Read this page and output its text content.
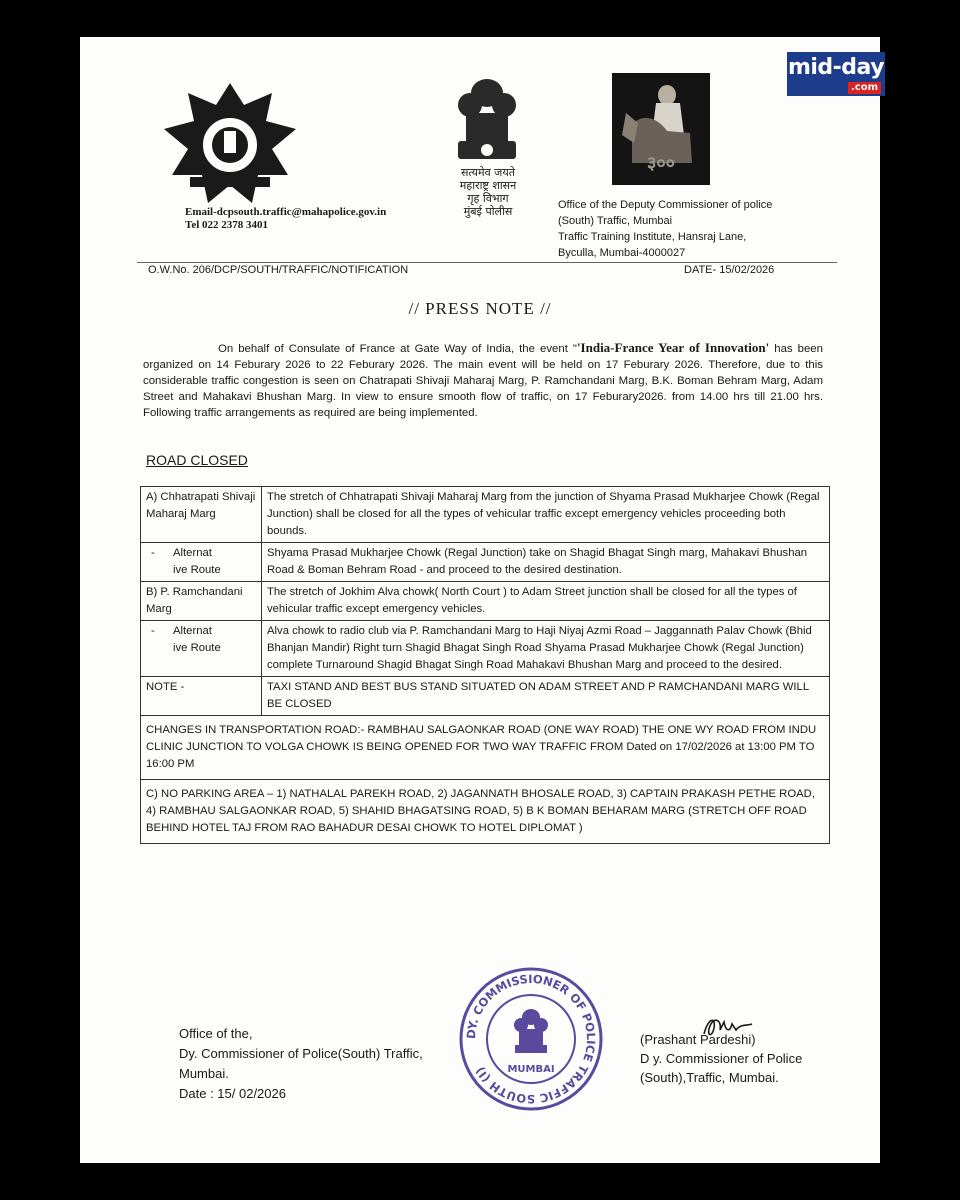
mid-day
.com
सत्यमेव जयते
महाराष्ट्र शासन
गृह विभाग
मुंबई पोलीस
३००
Email-dcpsouth.traffic@mahapolice.gov.in
Tel 022 2378 3401
Office of the Deputy Commissioner of police
(South) Traffic, Mumbai
Traffic Training Institute, Hansraj Lane,
Byculla, Mumbai-4000027
O.W.No. 206/DCP/SOUTH/TRAFFIC/NOTIFICATION	DATE- 15/02/2026
// PRESS NOTE //
On behalf of Consulate of France at Gate Way of India, the event "'India-France Year of Innovation' has been organized on 14 Feburary 2026 to 22 Feburary 2026. The main event will be held on 17 Feburary 2026. Therefore, due to this considerable traffic congestion is seen on Chatrapati Shivaji Maharaj Marg, P. Ramchandani Marg, B.K. Boman Behram Marg, Adam Street and Mahakavi Bhushan Marg. In view to ensure smooth flow of traffic, on 17 Feburary2026. from 14.00 hrs till 21.00 hrs. Following traffic arrangements as required are being implemented.
ROAD CLOSED
A) Chhatrapati Shivaji Maharaj Marg	The stretch of Chhatrapati Shivaji Maharaj Marg from the junction of Shyama Prasad Mukharjee Chowk (Regal Junction) shall be closed for all the types of vehicular traffic except emergency vehicles proceeding both bounds.

- Alternat ive Route	Shyama Prasad Mukharjee Chowk (Regal Junction) take on Shagid Bhagat Singh marg, Mahakavi Bhushan Road & Boman Behram Road - and proceed to the desired destination.
B) P. Ramchandani Marg	The stretch of Jokhim Alva chowk( North Court ) to Adam Street junction shall be closed for all the types of vehicular traffic except emergency vehicles.

- Alternat ive Route	Alva chowk to radio club via P. Ramchandani Marg to Haji Niyaj Azmi Road – Jaggannath Palav Chowk (Bhid Bhanjan Mandir) Right turn Shagid Bhagat Singh Road Shyama Prasad Mukharjee Chowk (Regal Junction) complete Turnaround Shagid Bhagat Singh Road Mahakavi Bhushan Marg and proceed to the desired.
NOTE -	TAXI STAND AND BEST BUS STAND SITUATED ON ADAM STREET AND P RAMCHANDANI MARG WILL BE CLOSED
CHANGES IN TRANSPORTATION ROAD:- RAMBHAU SALGAONKAR ROAD (ONE WAY ROAD) THE ONE WY ROAD FROM INDU CLINIC JUNCTION TO VOLGA CHOWK IS BEING OPENED FOR TWO WAY TRAFFIC FROM Dated on 17/02/2026 at 13:00 PM TO 16:00 PM	
C) NO PARKING AREA – 1) NATHALAL PAREKH ROAD, 2) JAGANNATH BHOSALE ROAD, 3) CAPTAIN PRAKASH PETHE ROAD, 4) RAMBHAU SALGAONKAR ROAD, 5) SHAHID BHAGATSING ROAD, 5) B K BOMAN BEHARAM MARG (STRETCH OFF ROAD BEHIND HOTEL TAJ FROM RAO BAHADUR DESAI CHOWK TO HOTEL DIPLOMAT )	
Office of the,
Dy. Commissioner of Police(South) Traffic,
Mumbai.
Date : 15/ 02/2026
DY. COMMISSIONER OF POLICE TRAFFIC SOUTH (I)	MUMBAI
(Prashant Pardeshi)
D y. Commissioner of Police
(South),Traffic, Mumbai.
